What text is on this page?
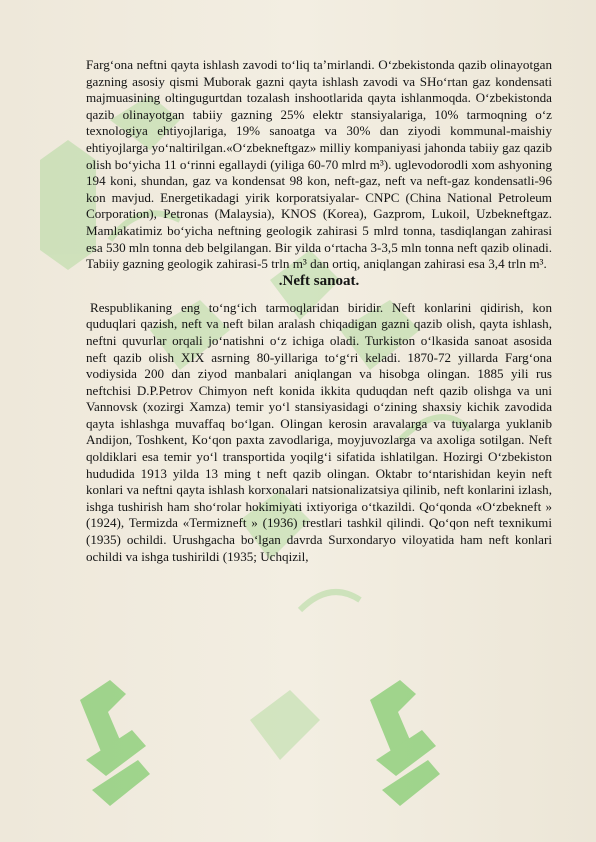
Farg‘ona neftni qayta ishlash zavodi to‘liq ta’mirlandi. O‘zbekistonda qazib olinayotgan gazning asosiy qismi Muborak gazni qayta ishlash zavodi va SHo‘rtan gaz kondensati majmuasining oltingugurtdan tozalash inshootlarida qayta ishlanmoqda. O‘zbekistonda qazib olinayotgan tabiiy gazning 25% elektr stansiyalariga, 10% tarmoqning o‘z texnologiya ehtiyojlariga, 19% sanoatga va 30% dan ziyodi kommunal-maishiy ehtiyojlarga yo‘naltirilgan.«O‘zbekneftgaz» milliy kompaniyasi jahonda tabiiy gaz qazib olish bo‘yicha 11 o‘rinni egallaydi (yiliga 60-70 mlrd m³). uglevodorodli xom ashyoning 194 koni, shundan, gaz va kondensat 98 kon, neft-gaz, neft va neft-gaz kondensatli-96 kon mavjud. Energetikadagi yirik korporatsiyalar- CNPC (China National Petroleum Corporation), Petronas (Malaysia), KNOS (Korea), Gazprom, Lukoil, Uzbekneftgaz. Mamlakatimiz bo‘yicha neftning geologik zahirasi 5 mlrd tonna, tasdiqlangan zahirasi esa 530 mln tonna deb belgilangan. Bir yilda o‘rtacha 3-3,5 mln tonna neft qazib olinadi. Tabiiy gazning geologik zahirasi-5 trln m³ dan ortiq, aniqlangan zahirasi esa 3,4 trln m³.

.Neft sanoat.

Respublikaning eng to‘ng‘ich tarmoqlaridan biridir. Neft konlarini qidirish, kon quduqlari qazish, neft va neft bilan aralash chiqadigan gazni qazib olish, qayta ishlash, neftni quvurlar orqali jo‘natishni o‘z ichiga oladi. Turkiston o‘lkasida sanoat asosida neft qazib olish XIX asrning 80-yillariga to‘g‘ri keladi. 1870-72 yillarda Farg‘ona vodiysida 200 dan ziyod manbalari aniqlangan va hisobga olingan. 1885 yili rus neftchisi D.P.Petrov Chimyon neft konida ikkita quduqdan neft qazib olishga va uni Vannovsk (xozirgi Xamza) temir yo‘l stansiyasidagi o‘zining shaxsiy kichik zavodida qayta ishlashga muvaffaq bo‘lgan. Olingan kerosin aravalarga va tuyalarga yuklanib Andijon, Toshkent, Ko‘qon paxta zavodlariga, moyjuvozlarga va axoliga sotilgan. Neft qoldiklari esa temir yo‘l transportida yoqilg‘i sifatida ishlatilgan. Hozirgi O‘zbekiston hududida 1913 yilda 13 ming t neft qazib olingan. Oktabr to‘ntarishidan keyin neft konlari va neftni qayta ishlash korxonalari natsionalizatsiya qilinib, neft konlarini izlash, ishga tushirish ham sho‘rolar hokimiyati ixtiyoriga o‘tkazildi. Qo‘qonda «O‘zbekneft » (1924), Termizda «Termizneft » (1936) trestlari tashkil qilindi. Qo‘qon neft texnikumi (1935) ochildi. Urushgacha bo‘lgan davrda Surxondaryo viloyatida ham neft konlari ochildi va ishga tushirildi (1935; Uchqizil,
